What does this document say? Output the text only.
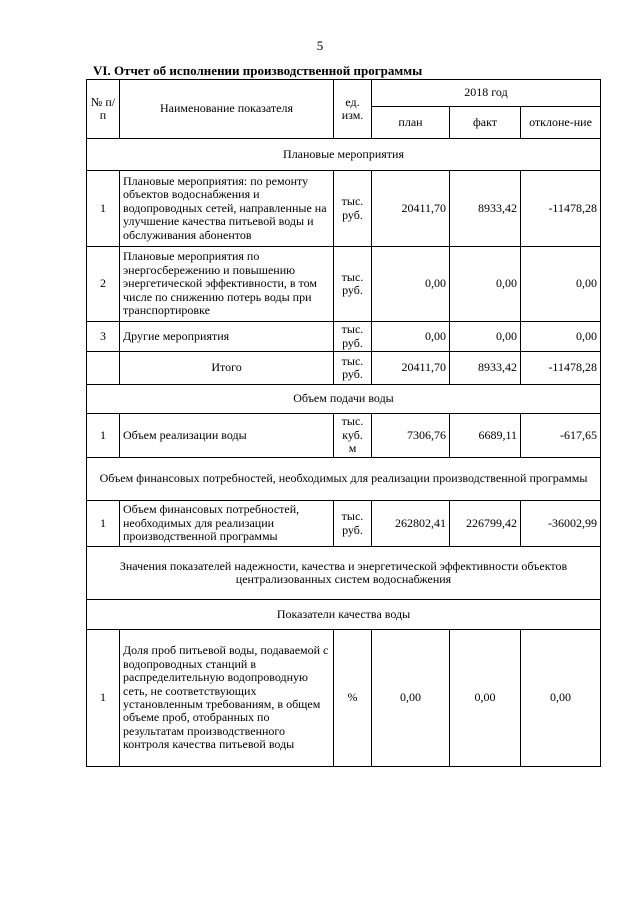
5
VI. Отчет об исполнении производственной программы
№ п/п	Наименование показателя	ед. изм.	2018 год		
			план	факт	отклоне-ние
Плановые мероприятия					
1	Плановые мероприятия: по ремонту объектов водоснабжения и водопроводных сетей, направленные на улучшение качества питьевой воды и обслуживания абонентов	тыс. руб.	20411,70	8933,42	-11478,28
2	Плановые мероприятия по энергосбережению и повышению энергетической эффективности, в том числе по снижению потерь воды при транспортировке	тыс. руб.	0,00	0,00	0,00
3	Другие мероприятия	тыс. руб.	0,00	0,00	0,00
	Итого	тыс. руб.	20411,70	8933,42	-11478,28
Объем подачи воды					
1	Объем реализации воды	тыс. куб. м	7306,76	6689,11	-617,65
Объем финансовых потребностей, необходимых для реализации производственной программы					
1	Объем финансовых потребностей, необходимых для реализации производственной программы	тыс. руб.	262802,41	226799,42	-36002,99
Значения показателей надежности, качества и энергетической эффективности объектов централизованных систем водоснабжения					
Показатели качества воды					
1	Доля проб питьевой воды, подаваемой с водопроводных станций в распределительную водопроводную сеть, не соответствующих установленным требованиям, в общем объеме проб, отобранных по результатам производственного контроля качества питьевой воды	%	0,00	0,00	0,00
